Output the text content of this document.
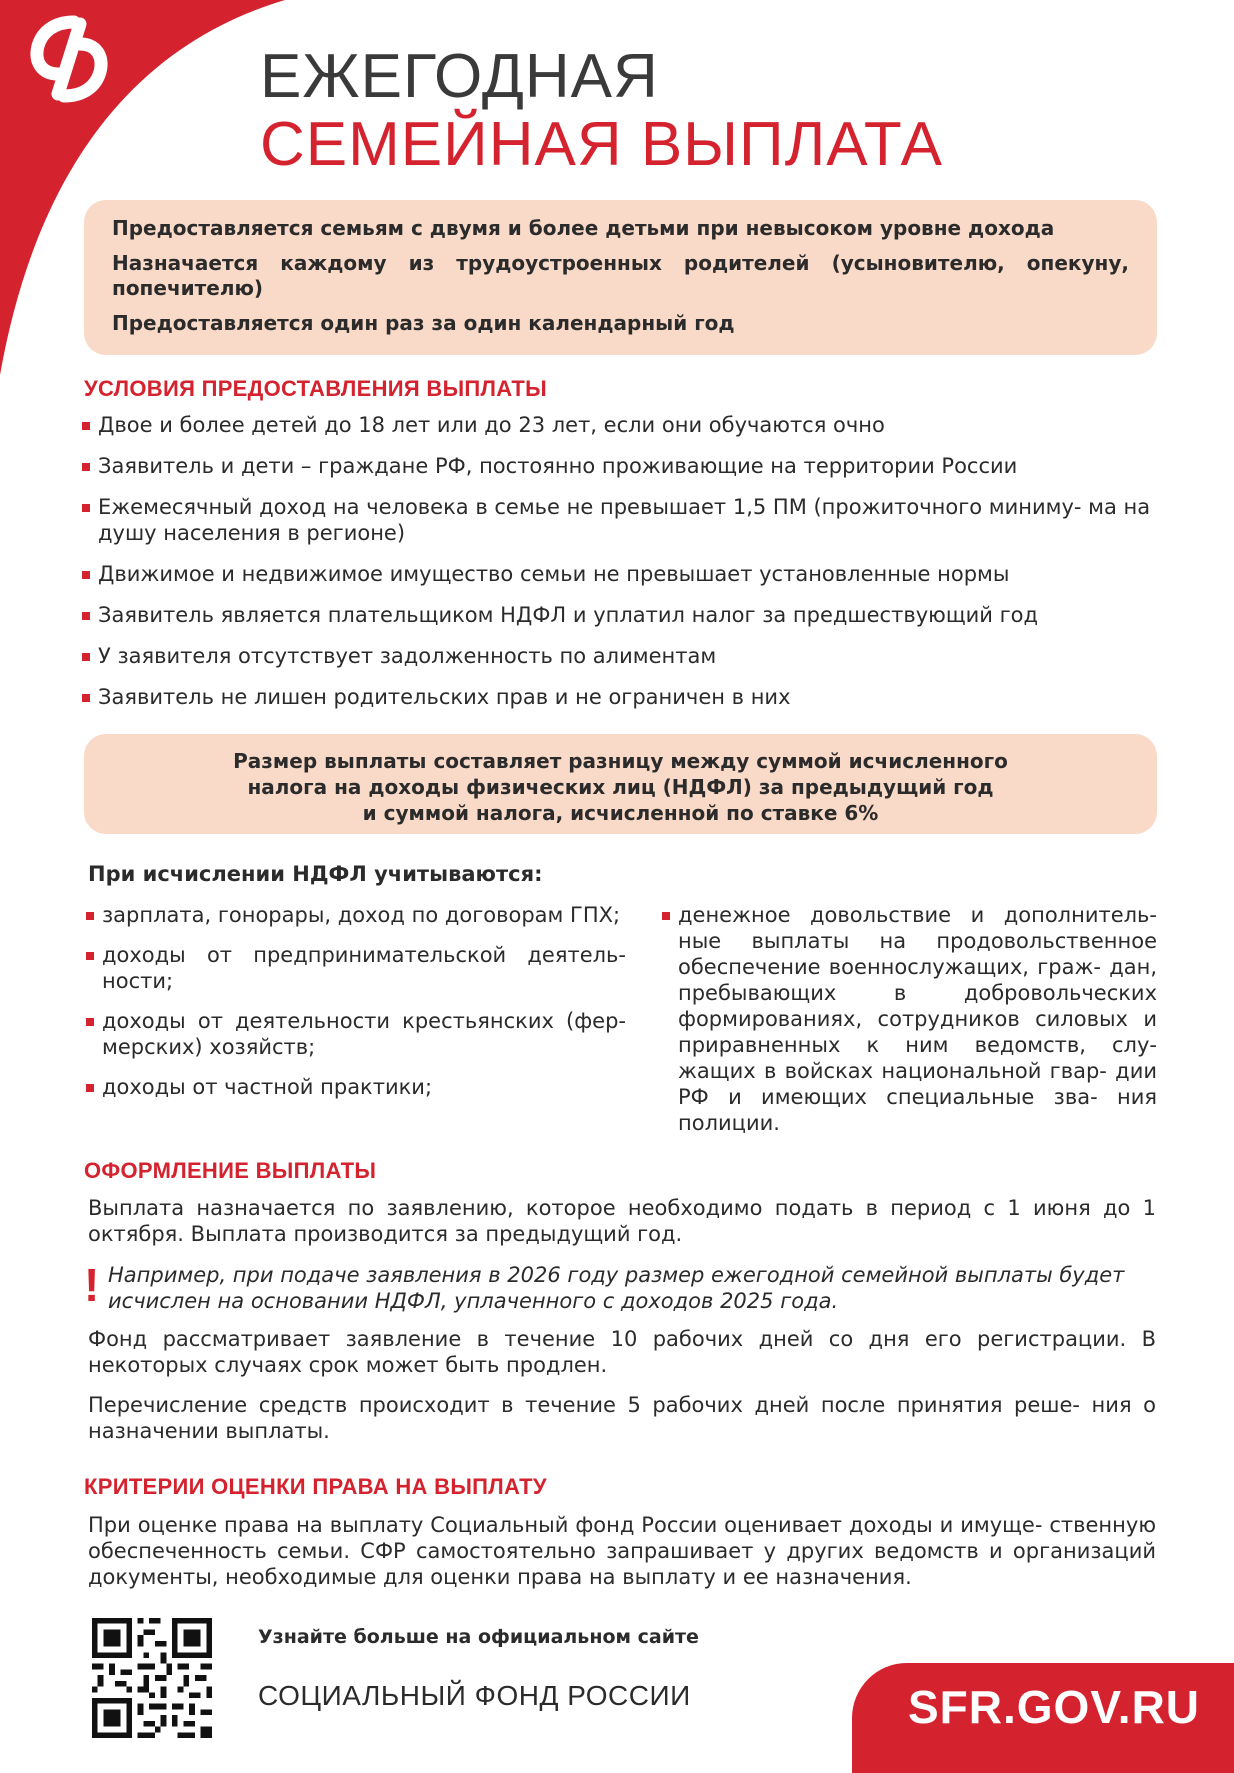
ЕЖЕГОДНАЯ
СЕМЕЙНАЯ ВЫПЛАТА

Предоставляется семьям с двумя и более детьми при невысоком уровне дохода

Назначается каждому из трудоустроенных родителей (усыновителю, опекуну, попечителю)

Предоставляется один раз за один календарный год

УСЛОВИЯ ПРЕДОСТАВЛЕНИЯ ВЫПЛАТЫ
Двое и более детей до 18 лет или до 23 лет, если они обучаются очно
Заявитель и дети – граждане РФ, постоянно проживающие на территории России
Ежемесячный доход на человека в семье не превышает 1,5 ПМ (прожиточного миниму- ма на душу населения в регионе)
Движимое и недвижимое имущество семьи не превышает установленные нормы
Заявитель является плательщиком НДФЛ и уплатил налог за предшествующий год
У заявителя отсутствует задолженность по алиментам
Заявитель не лишен родительских прав и не ограничен в них

Размер выплаты составляет разницу между суммой исчисленного

налога на доходы физических лиц (НДФЛ) за предыдущий год

и суммой налога, исчисленной по ставке 6%

При исчислении НДФЛ учитываются:
зарплата, гонорары, доход по договорам ГПХ;
доходы от предпринимательской деятель- ности;
доходы от деятельности крестьянских (фер- мерских) хозяйств;
доходы от частной практики;
денежное довольствие и дополнитель- ные выплаты на продовольственное обеспечение военнослужащих, граж- дан, пребывающих в добровольческих формированиях, сотрудников силовых и приравненных к ним ведомств, слу- жащих в войсках национальной гвар- дии РФ и имеющих специальные зва- ния полиции.
ОФОРМЛЕНИЕ ВЫПЛАТЫ

Выплата назначается по заявлению, которое необходимо подать в период с 1 июня до 1 октября. Выплата производится за предыдущий год.

! Например, при подаче заявления в 2026 году размер ежегодной семейной выплаты будет исчислен на основании НДФЛ, уплаченного с доходов 2025 года.

Фонд рассматривает заявление в течение 10 рабочих дней со дня его регистрации. В некоторых случаях срок может быть продлен.

Перечисление средств происходит в течение 5 рабочих дней после принятия реше- ния о назначении выплаты.

КРИТЕРИИ ОЦЕНКИ ПРАВА НА ВЫПЛАТУ

При оценке права на выплату Социальный фонд России оценивает доходы и имуще- ственную обеспеченность семьи. СФР самостоятельно запрашивает у других ведомств и организаций документы, необходимые для оценки права на выплату и ее назначения.

Узнайте больше на официальном сайте
СОЦИАЛЬНЫЙ ФОНД РОССИИ	SFR.GOV.RU
